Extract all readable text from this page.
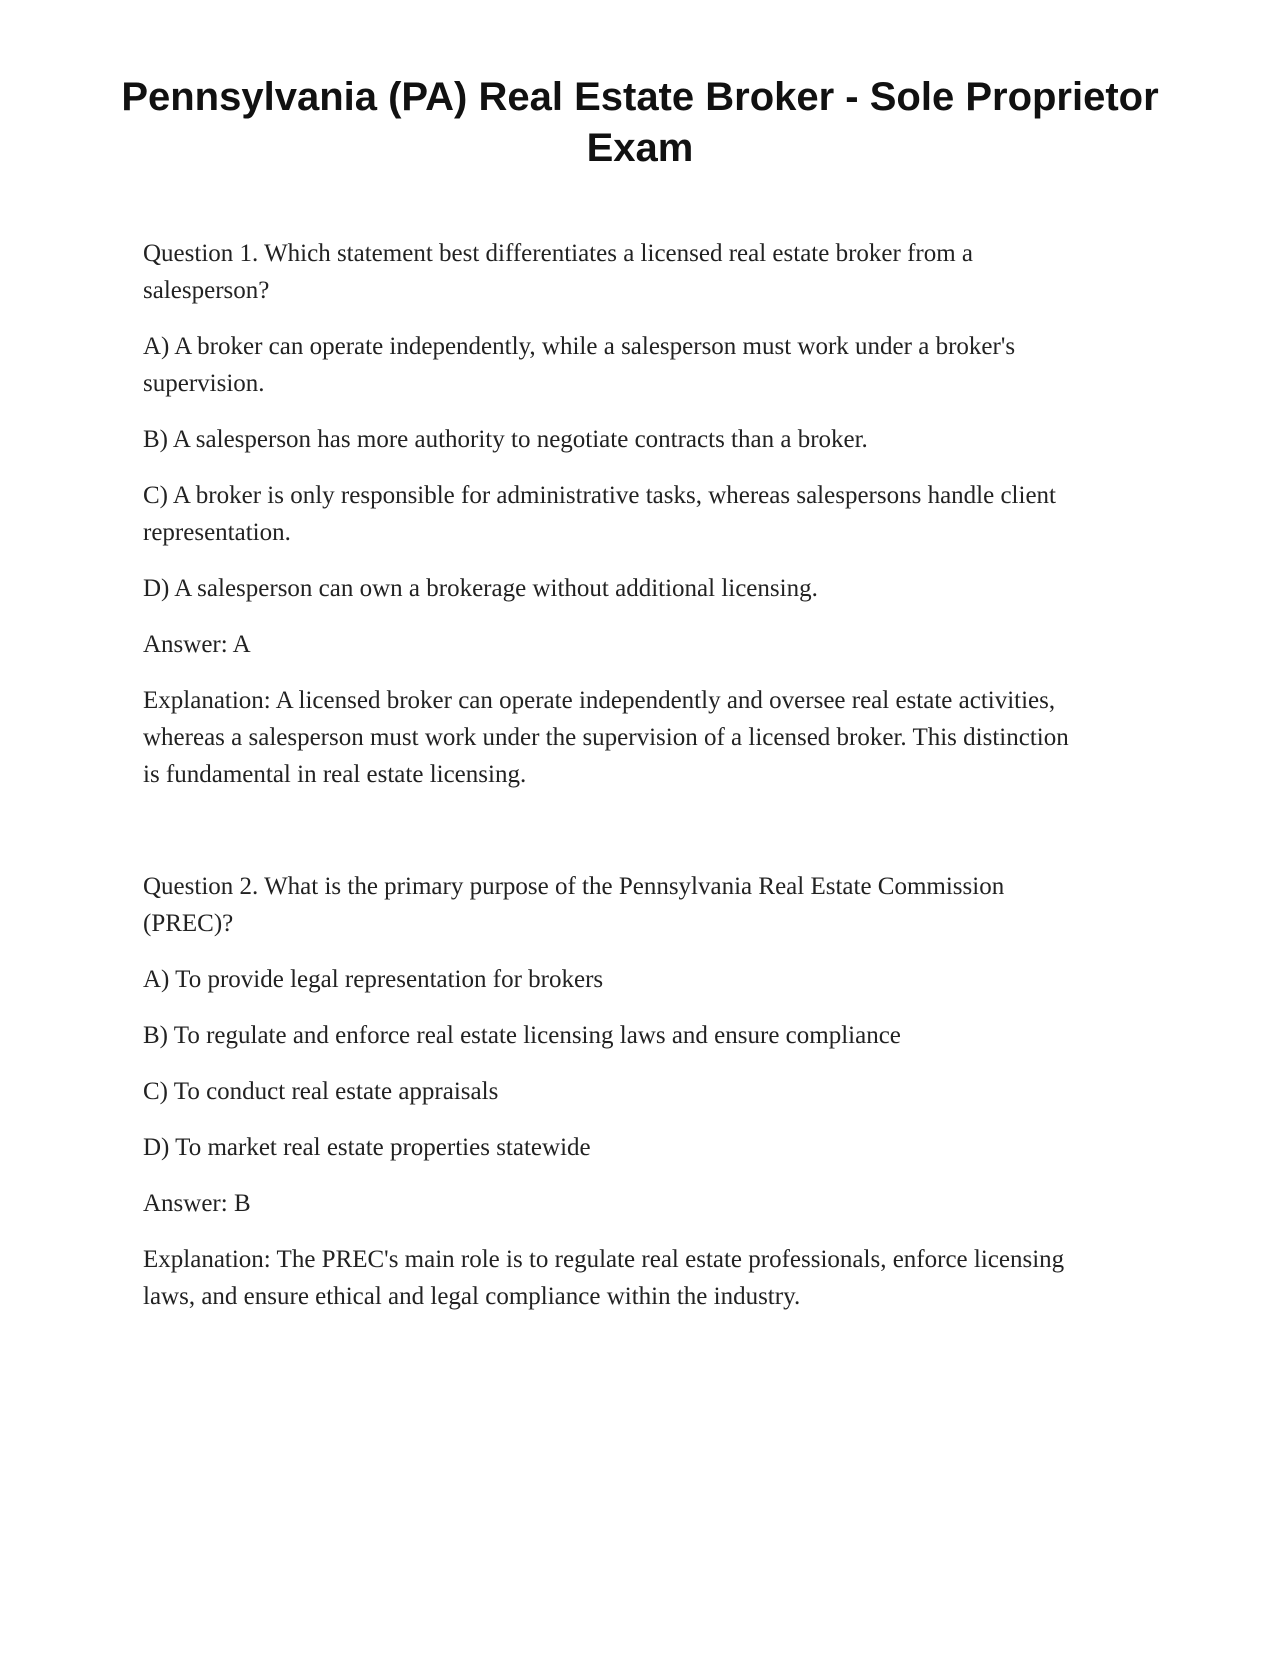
Pennsylvania (PA) Real Estate Broker - Sole Proprietor Exam

Question 1. Which statement best differentiates a licensed real estate broker from a salesperson?

A) A broker can operate independently, while a salesperson must work under a broker's supervision.

B) A salesperson has more authority to negotiate contracts than a broker.

C) A broker is only responsible for administrative tasks, whereas salespersons handle client representation.

D) A salesperson can own a brokerage without additional licensing.

Answer: A

Explanation: A licensed broker can operate independently and oversee real estate activities, whereas a salesperson must work under the supervision of a licensed broker. This distinction is fundamental in real estate licensing.

Question 2. What is the primary purpose of the Pennsylvania Real Estate Commission (PREC)?

A) To provide legal representation for brokers

B) To regulate and enforce real estate licensing laws and ensure compliance

C) To conduct real estate appraisals

D) To market real estate properties statewide

Answer: B

Explanation: The PREC's main role is to regulate real estate professionals, enforce licensing laws, and ensure ethical and legal compliance within the industry.
